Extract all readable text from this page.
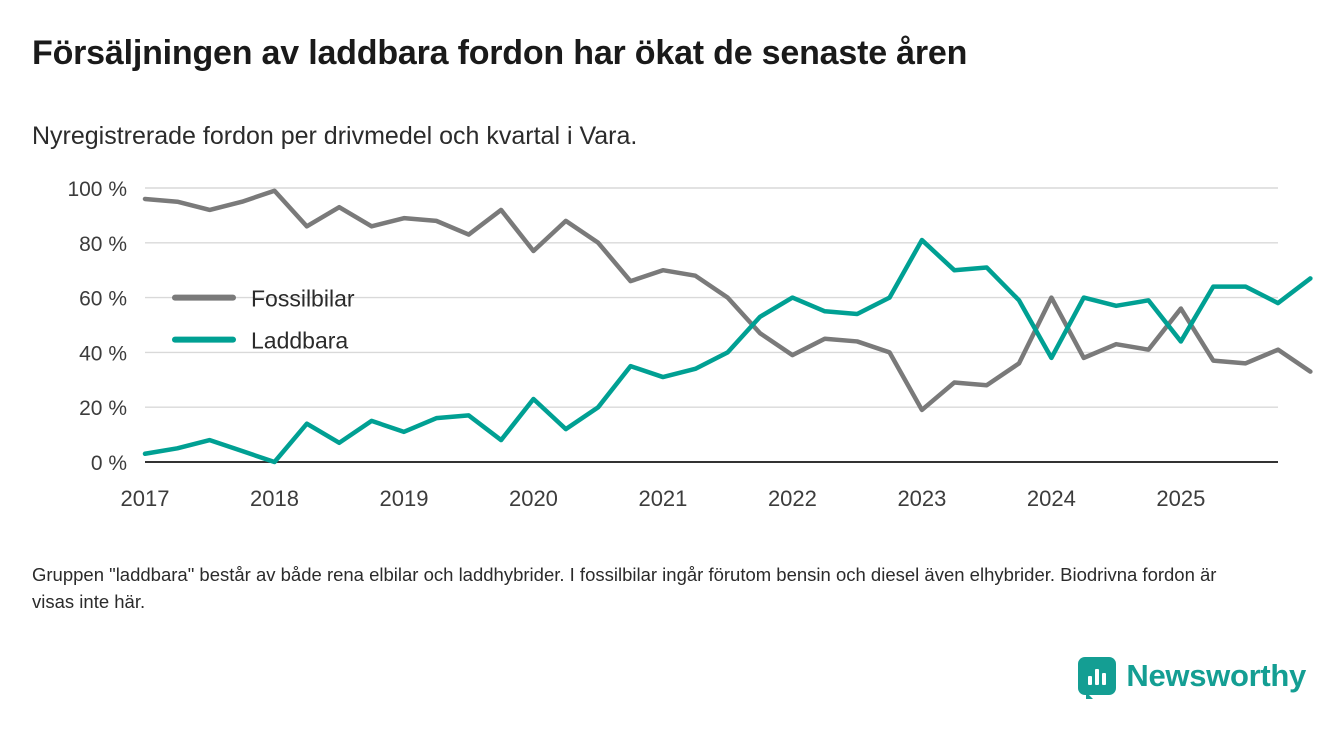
Försäljningen av laddbara fordon har ökat de senaste åren
Nyregistrerade fordon per drivmedel och kvartal i Vara.
0 %
20 %
40 %
60 %
80 %
100 %
2017	2018	2019	2020	2021	2022	2023	2024	2025
Fossilbilar
Laddbara
Gruppen "laddbara" består av både rena elbilar och laddhybrider. I fossilbilar ingår förutom bensin och diesel även elhybrider. Biodrivna fordon är visas inte här.
Newsworthy
